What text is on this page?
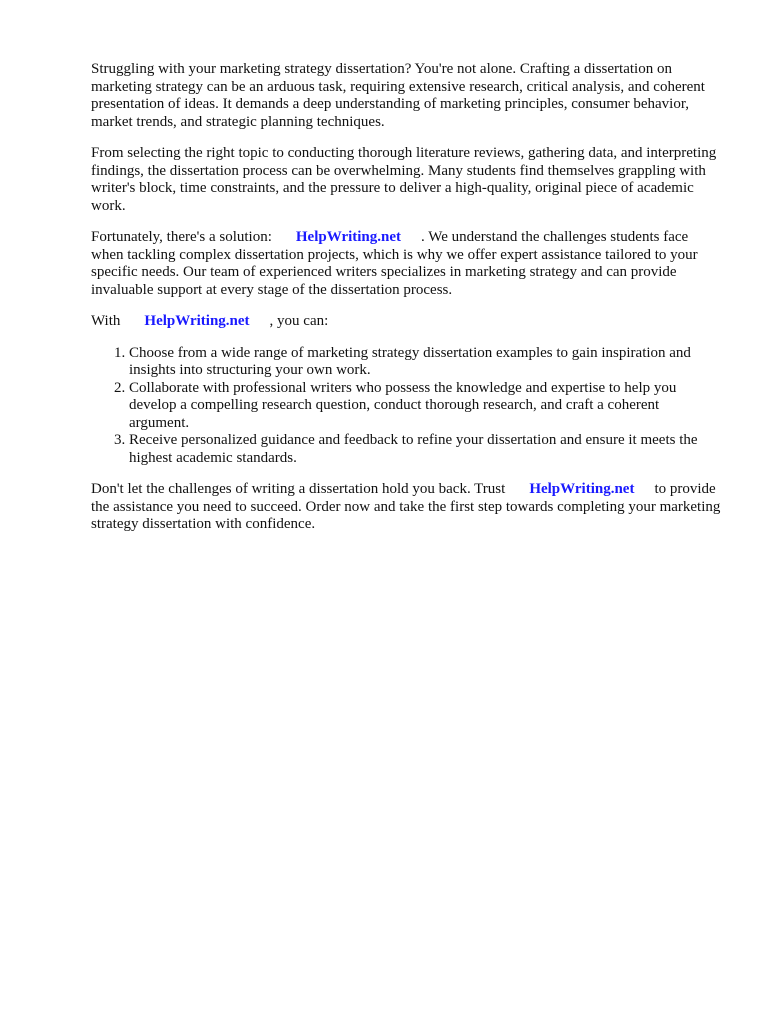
Struggling with your marketing strategy dissertation? You're not alone. Crafting a dissertation on marketing strategy can be an arduous task, requiring extensive research, critical analysis, and coherent presentation of ideas. It demands a deep understanding of marketing principles, consumer behavior, market trends, and strategic planning techniques.

From selecting the right topic to conducting thorough literature reviews, gathering data, and interpreting findings, the dissertation process can be overwhelming. Many students find themselves grappling with writer's block, time constraints, and the pressure to deliver a high-quality, original piece of academic work.

Fortunately, there's a solution: HelpWriting.net . We understand the challenges students face when tackling complex dissertation projects, which is why we offer expert assistance tailored to your specific needs. Our team of experienced writers specializes in marketing strategy and can provide invaluable support at every stage of the dissertation process.

With HelpWriting.net , you can:

1. Choose from a wide range of marketing strategy dissertation examples to gain inspiration and insights into structuring your own work.
2. Collaborate with professional writers who possess the knowledge and expertise to help you develop a compelling research question, conduct thorough research, and craft a coherent argument.
3. Receive personalized guidance and feedback to refine your dissertation and ensure it meets the highest academic standards.

Don't let the challenges of writing a dissertation hold you back. Trust HelpWriting.net to provide the assistance you need to succeed. Order now and take the first step towards completing your marketing strategy dissertation with confidence.
